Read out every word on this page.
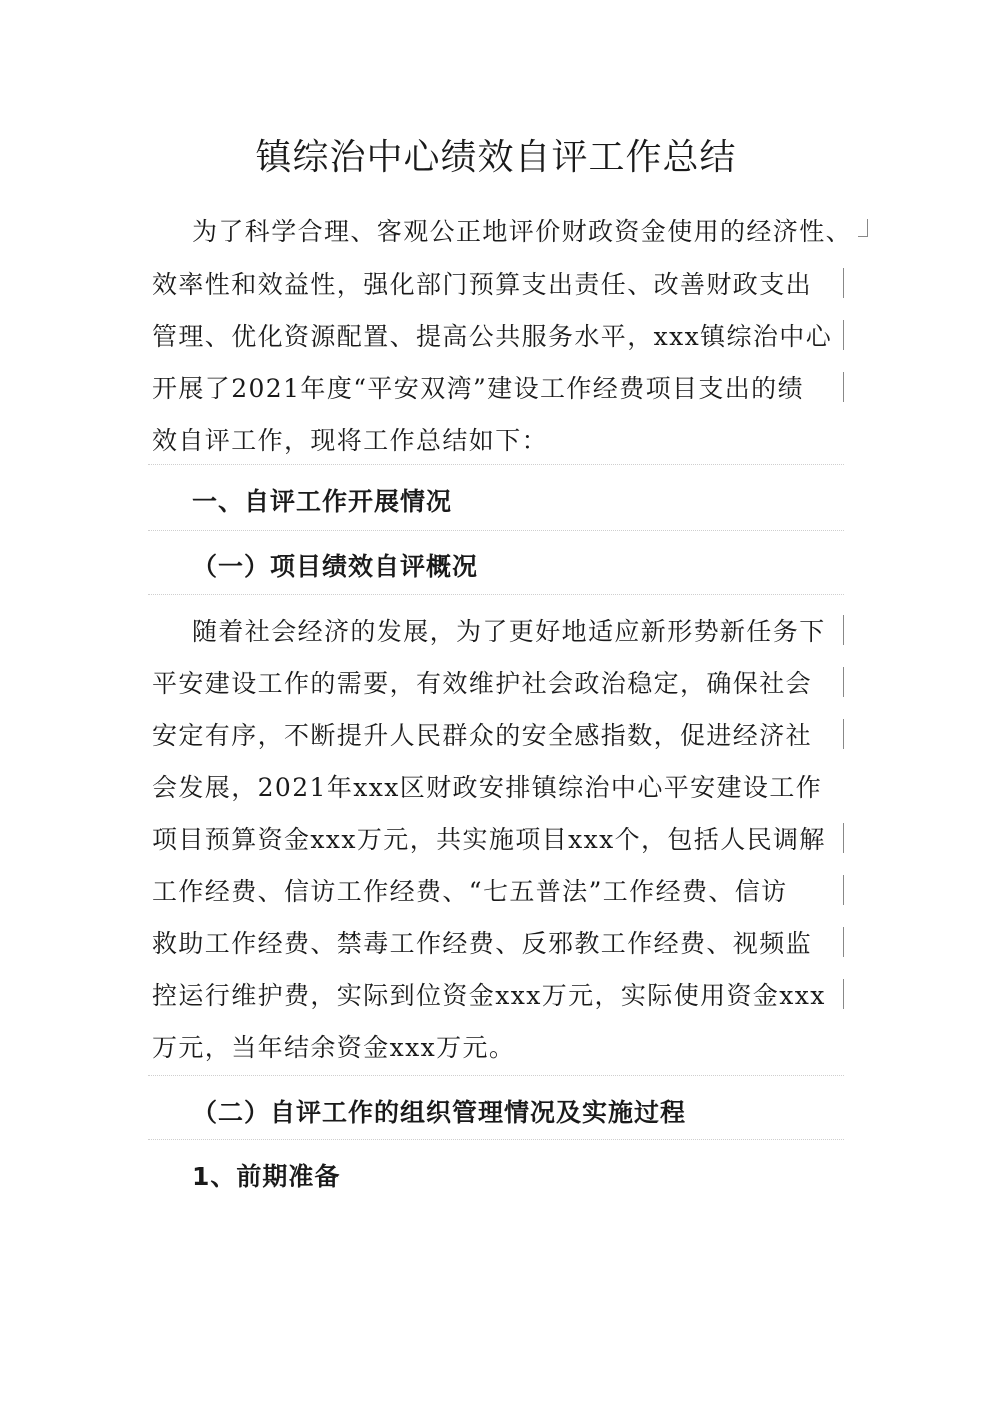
镇综治中心绩效自评工作总结
为了科学合理、客观公正地评价财政资金使用的经济性、
效率性和效益性，强化部门预算支出责任、改善财政支出
管理、优化资源配置、提高公共服务水平，xxx镇综治中心
开展了2021年度“平安双湾”建设工作经费项目支出的绩
效自评工作，现将工作总结如下：
一、自评工作开展情况
（一）项目绩效自评概况
随着社会经济的发展，为了更好地适应新形势新任务下
平安建设工作的需要，有效维护社会政治稳定，确保社会
安定有序，不断提升人民群众的安全感指数，促进经济社
会发展，2021年xxx区财政安排镇综治中心平安建设工作
项目预算资金xxx万元，共实施项目xxx个，包括人民调解
工作经费、信访工作经费、“七五普法”工作经费、信访
救助工作经费、禁毒工作经费、反邪教工作经费、视频监
控运行维护费，实际到位资金xxx万元，实际使用资金xxx
万元，当年结余资金xxx万元。
（二）自评工作的组织管理情况及实施过程
1、前期准备
